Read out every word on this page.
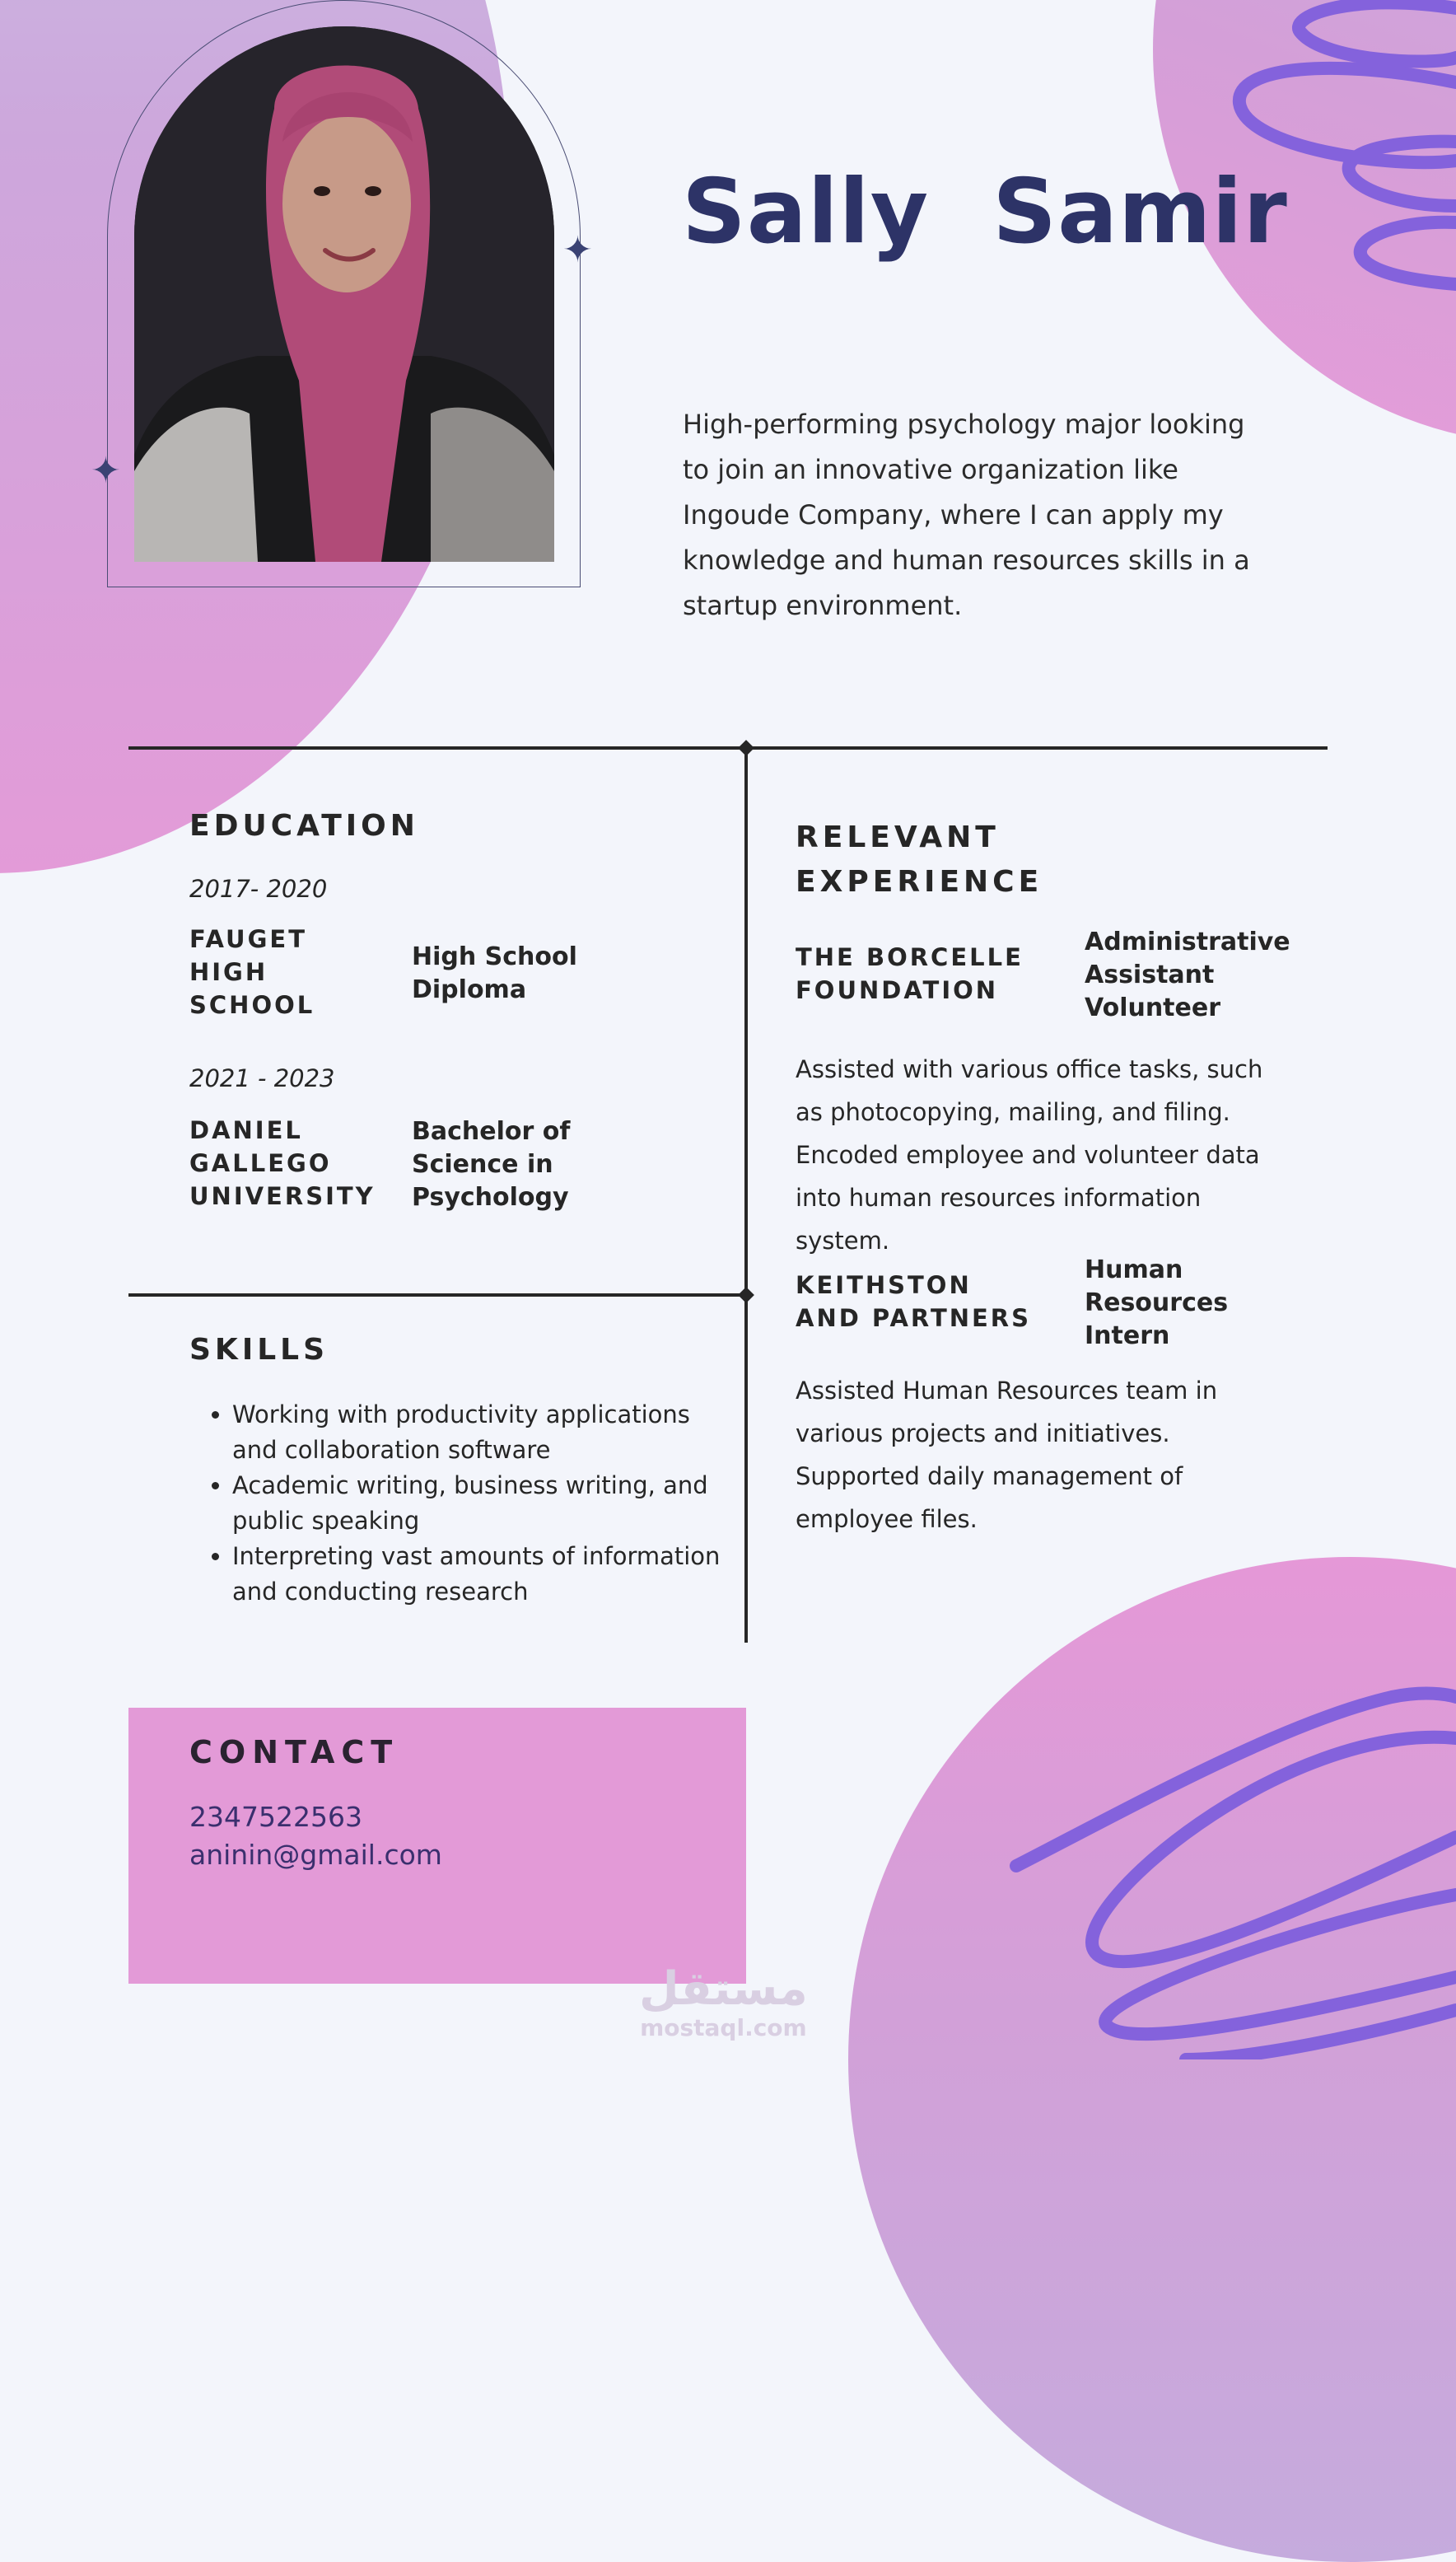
✦
✦
Sally  Samir
High-performing psychology major looking to join an innovative organization like Ingoude Company, where I can apply my knowledge and human resources skills in a startup environment.
EDUCATION
2017- 2020
FAUGET HIGH SCHOOL
High School Diploma
2021 - 2023
DANIEL GALLEGO UNIVERSITY
Bachelor of Science in Psychology
SKILLS
• Working with productivity applications and collaboration software
• Academic writing, business writing, and public speaking
• Interpreting vast amounts of information and conducting research
RELEVANT EXPERIENCE
THE BORCELLE FOUNDATION
Administrative Assistant Volunteer
Assisted with various office tasks, such as photocopying, mailing, and filing. Encoded employee and volunteer data into human resources information system.
KEITHSTON AND PARTNERS
Human Resources Intern
Assisted Human Resources team in various projects and initiatives. Supported daily management of employee files.
CONTACT
2347522563
aninin@gmail.com
مستقل
mostaql.com
